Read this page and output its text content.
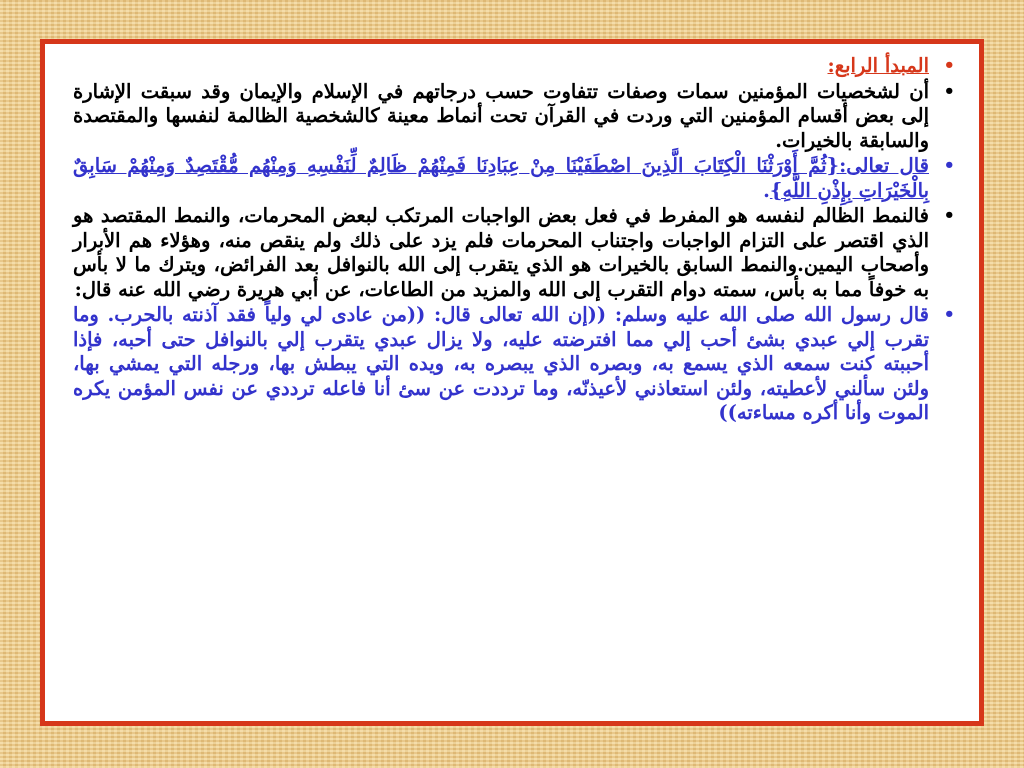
•
المبدأ الرابع:
•
أن لشخصيات المؤمنين سمات وصفات تتفاوت حسب درجاتهم في الإسلام والإيمان وقد سبقت الإشارة إلى بعض أقسام المؤمنين التي وردت في القرآن تحت أنماط معينة كالشخصية الظالمة لنفسها والمقتصدة والسابقة بالخيرات.
•
قال تعالى:{ثُمَّ أَوْرَثْنَا الْكِتَابَ الَّذِينَ اصْطَفَيْنَا مِنْ عِبَادِنَا فَمِنْهُمْ ظَالِمٌ لِّنَفْسِهِ وَمِنْهُم مُّقْتَصِدٌ وَمِنْهُمْ سَابِقٌ بِالْخَيْرَاتِ بِإِذْنِ اللَّهِ}.
•
فالنمط الظالم لنفسه هو المفرط في فعل بعض الواجبات المرتكب لبعض المحرمات، والنمط المقتصد هو الذي اقتصر على التزام الواجبات واجتناب المحرمات فلم يزد على ذلك ولم ينقص منه، وهؤلاء هم الأبرار وأصحاب اليمين.والنمط السابق بالخيرات هو الذي يتقرب إلى الله بالنوافل بعد الفرائض، ويترك ما لا بأس به خوفاً مما به بأس، سمته دوام التقرب إلى الله والمزيد من الطاعات، عن أبي هريرة رضي الله عنه قال:
•
قال رسول الله صلى الله عليه وسلم: ((إن الله تعالى قال: ((من عادى لي ولياً فقد آذنته بالحرب. وما تقرب إلي عبدي بشئ أحب إلي مما افترضته عليه، ولا يزال عبدي يتقرب إلي بالنوافل حتى أحبه، فإذا أحببته كنت سمعه الذي يسمع به، وبصره الذي يبصره به، ويده التي يبطش بها، ورجله التي يمشي بها، ولئن سألني لأعطيته، ولئن استعاذني لأعيذنّه، وما ترددت عن سئ أنا فاعله ترددي عن نفس المؤمن يكره الموت وأنا أكره مساءته))
